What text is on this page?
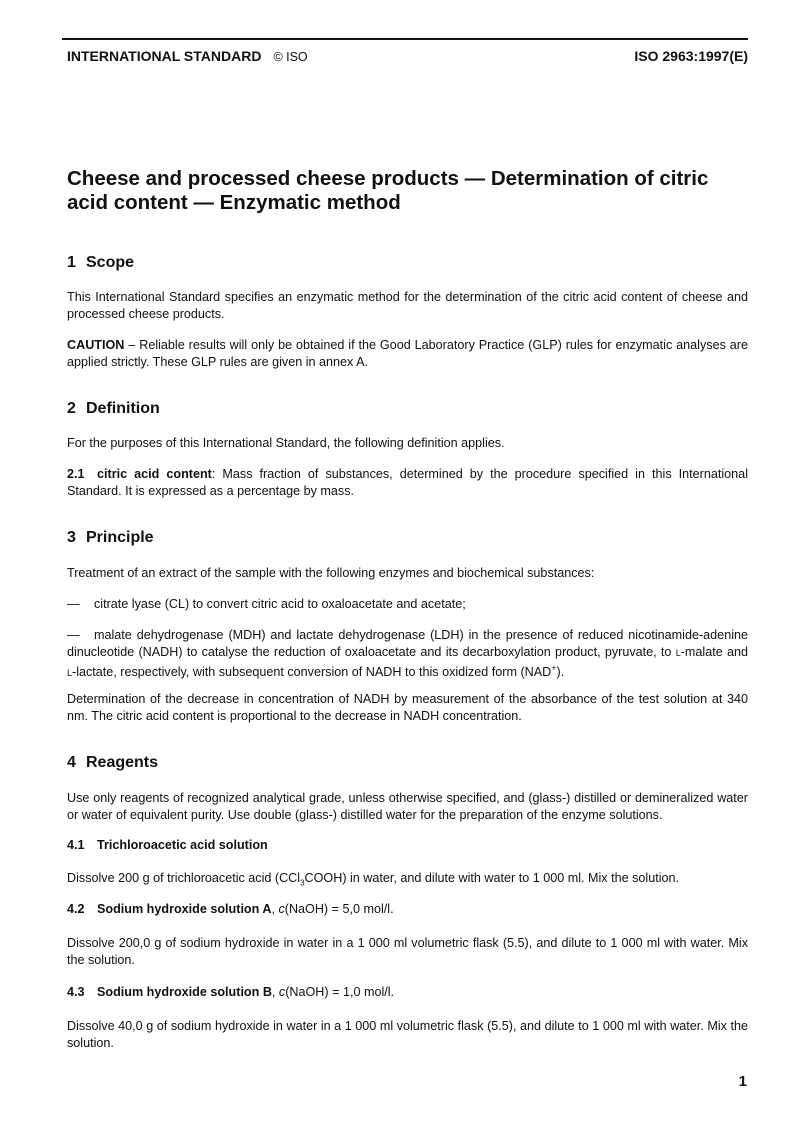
INTERNATIONAL STANDARD © ISO	ISO 2963:1997(E)
Cheese and processed cheese products — Determination of citric acid content — Enzymatic method
1 Scope
This International Standard specifies an enzymatic method for the determination of the citric acid content of cheese and processed cheese products.
CAUTION – Reliable results will only be obtained if the Good Laboratory Practice (GLP) rules for enzymatic analyses are applied strictly. These GLP rules are given in annex A.
2 Definition
For the purposes of this International Standard, the following definition applies.
2.1 citric acid content: Mass fraction of substances, determined by the procedure specified in this International Standard. It is expressed as a percentage by mass.
3 Principle
Treatment of an extract of the sample with the following enzymes and biochemical substances:
— citrate lyase (CL) to convert citric acid to oxaloacetate and acetate;
— malate dehydrogenase (MDH) and lactate dehydrogenase (LDH) in the presence of reduced nicotinamide-adenine dinucleotide (NADH) to catalyse the reduction of oxaloacetate and its decarboxylation product, pyruvate, to l-malate and l-lactate, respectively, with subsequent conversion of NADH to this oxidized form (NAD+).
Determination of the decrease in concentration of NADH by measurement of the absorbance of the test solution at 340 nm. The citric acid content is proportional to the decrease in NADH concentration.
4 Reagents
Use only reagents of recognized analytical grade, unless otherwise specified, and (glass-) distilled or demineralized water or water of equivalent purity. Use double (glass-) distilled water for the preparation of the enzyme solutions.
4.1 Trichloroacetic acid solution
Dissolve 200 g of trichloroacetic acid (CCl$_3$COOH) in water, and dilute with water to 1 000 ml. Mix the solution.
4.2 Sodium hydroxide solution A, c(NaOH) = 5,0 mol/l.
Dissolve 200,0 g of sodium hydroxide in water in a 1 000 ml volumetric flask (5.5), and dilute to 1 000 ml with water. Mix the solution.
4.3 Sodium hydroxide solution B, c(NaOH) = 1,0 mol/l.
Dissolve 40,0 g of sodium hydroxide in water in a 1 000 ml volumetric flask (5.5), and dilute to 1 000 ml with water. Mix the solution.
1
